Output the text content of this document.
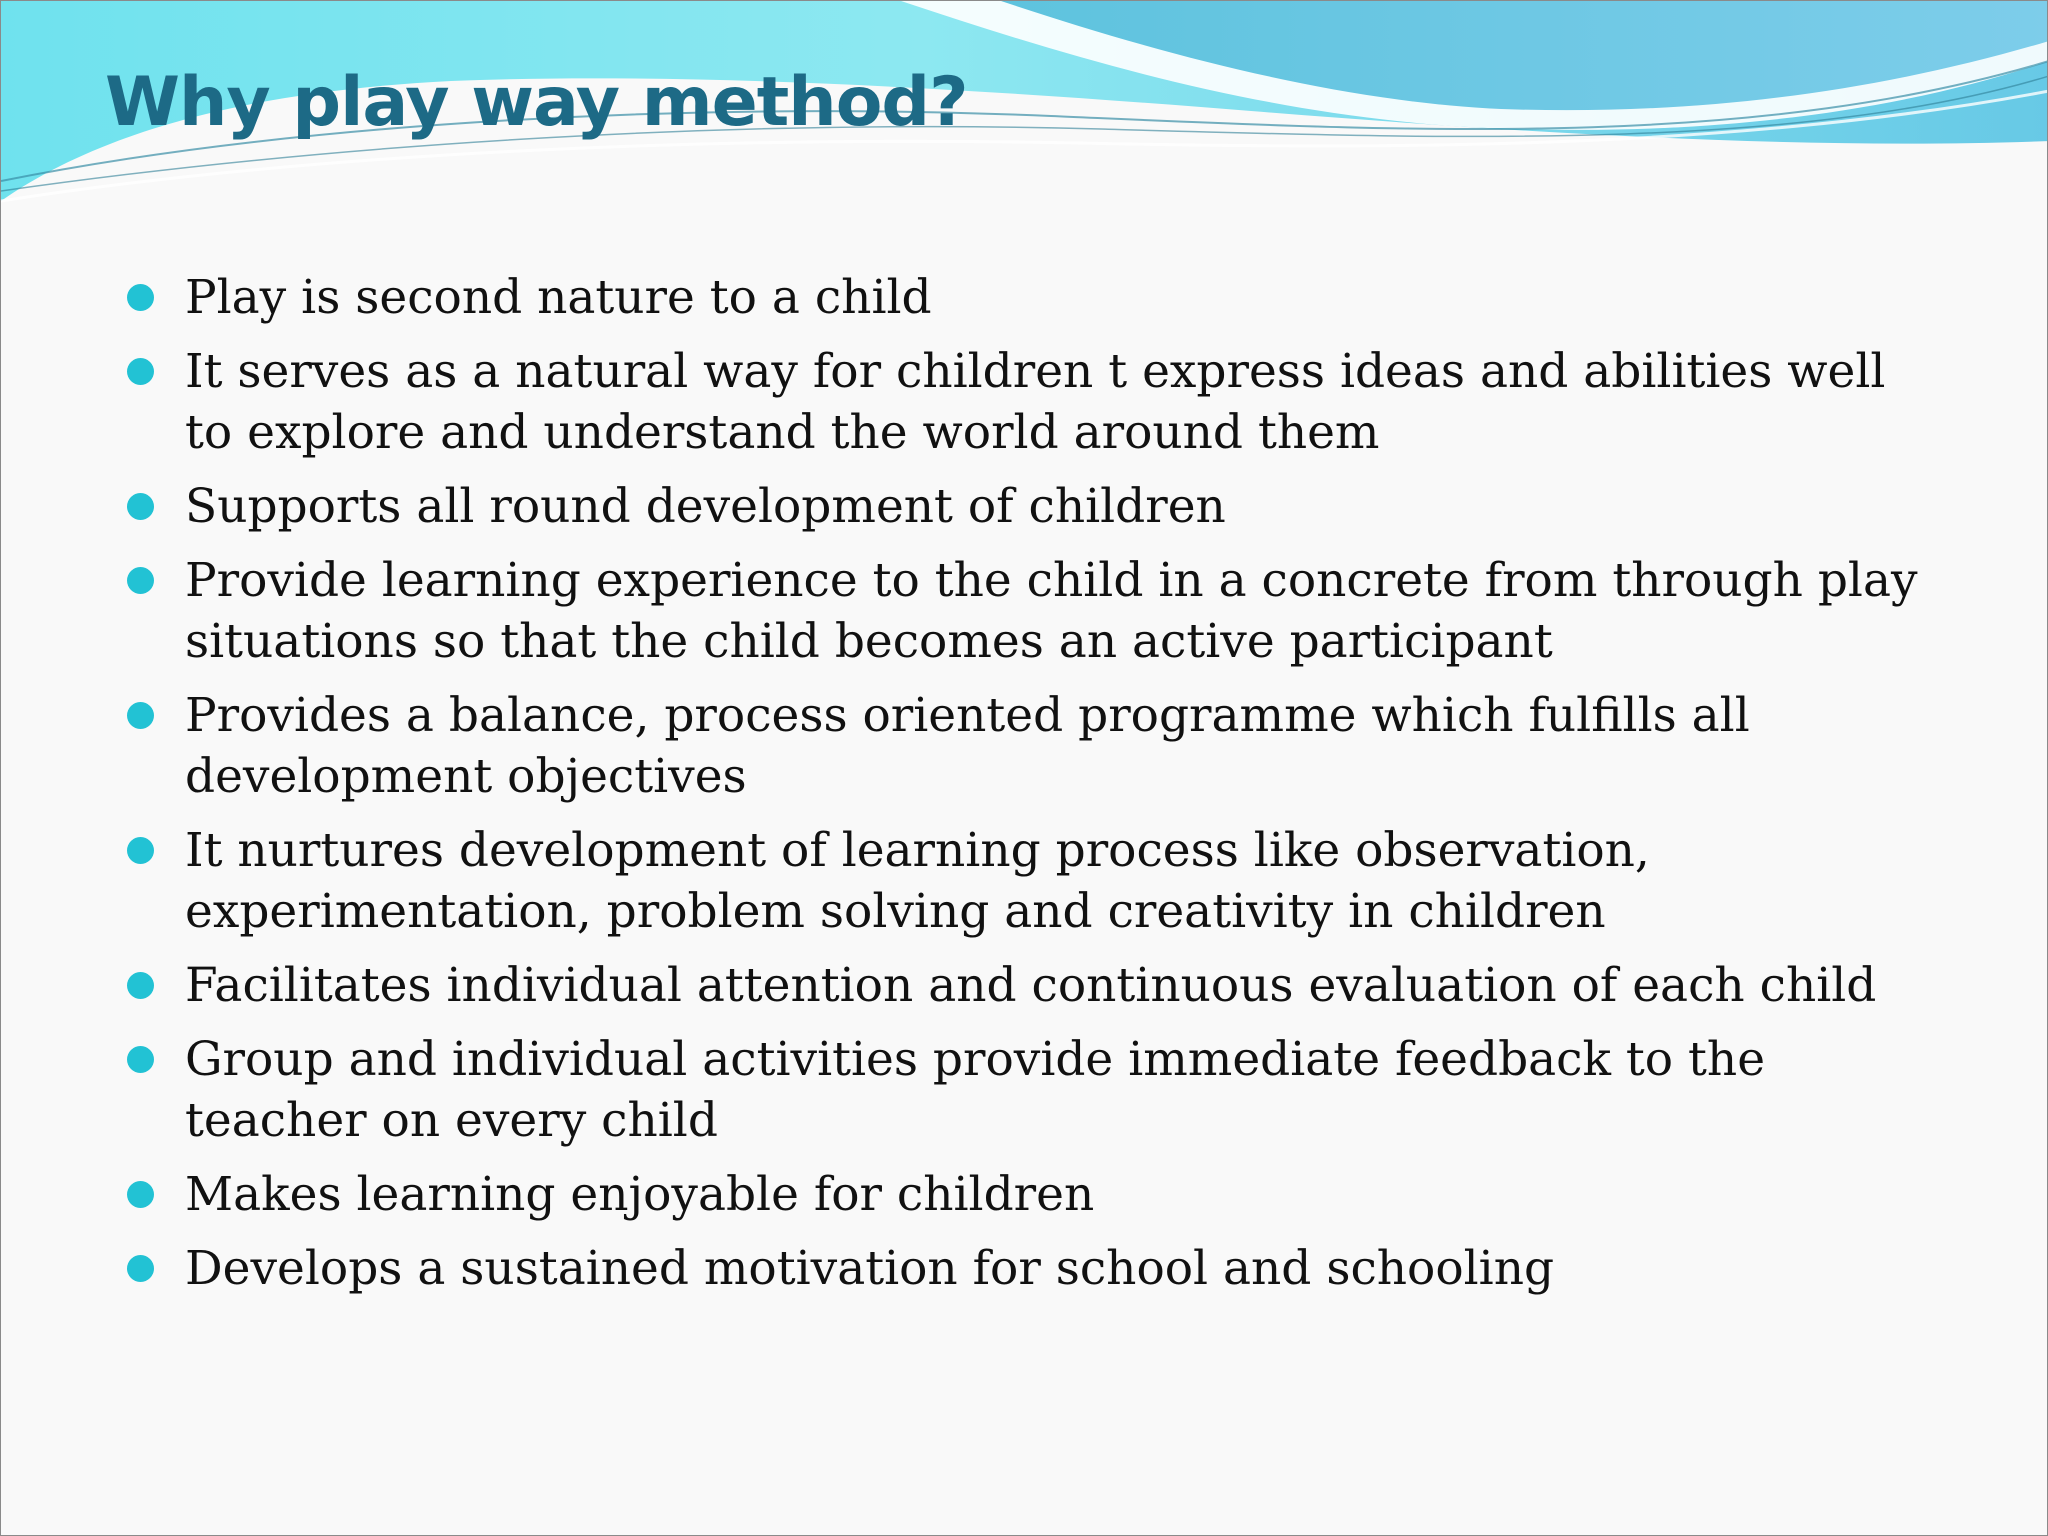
Why play way method?
Play is second nature to a child
It serves as a natural way for children t express ideas and abilities well to explore and understand the world around them
Supports all round development of children
Provide learning experience to the child in a concrete from through play situations so that the child becomes an active participant
Provides a balance, process oriented programme which fulfills all development objectives
It nurtures development of learning process like observation, experimentation, problem solving and creativity in children
Facilitates individual attention and continuous evaluation of each child
Group and individual activities provide immediate feedback to the teacher on every child
Makes learning enjoyable for children
Develops a sustained motivation for school and schooling
